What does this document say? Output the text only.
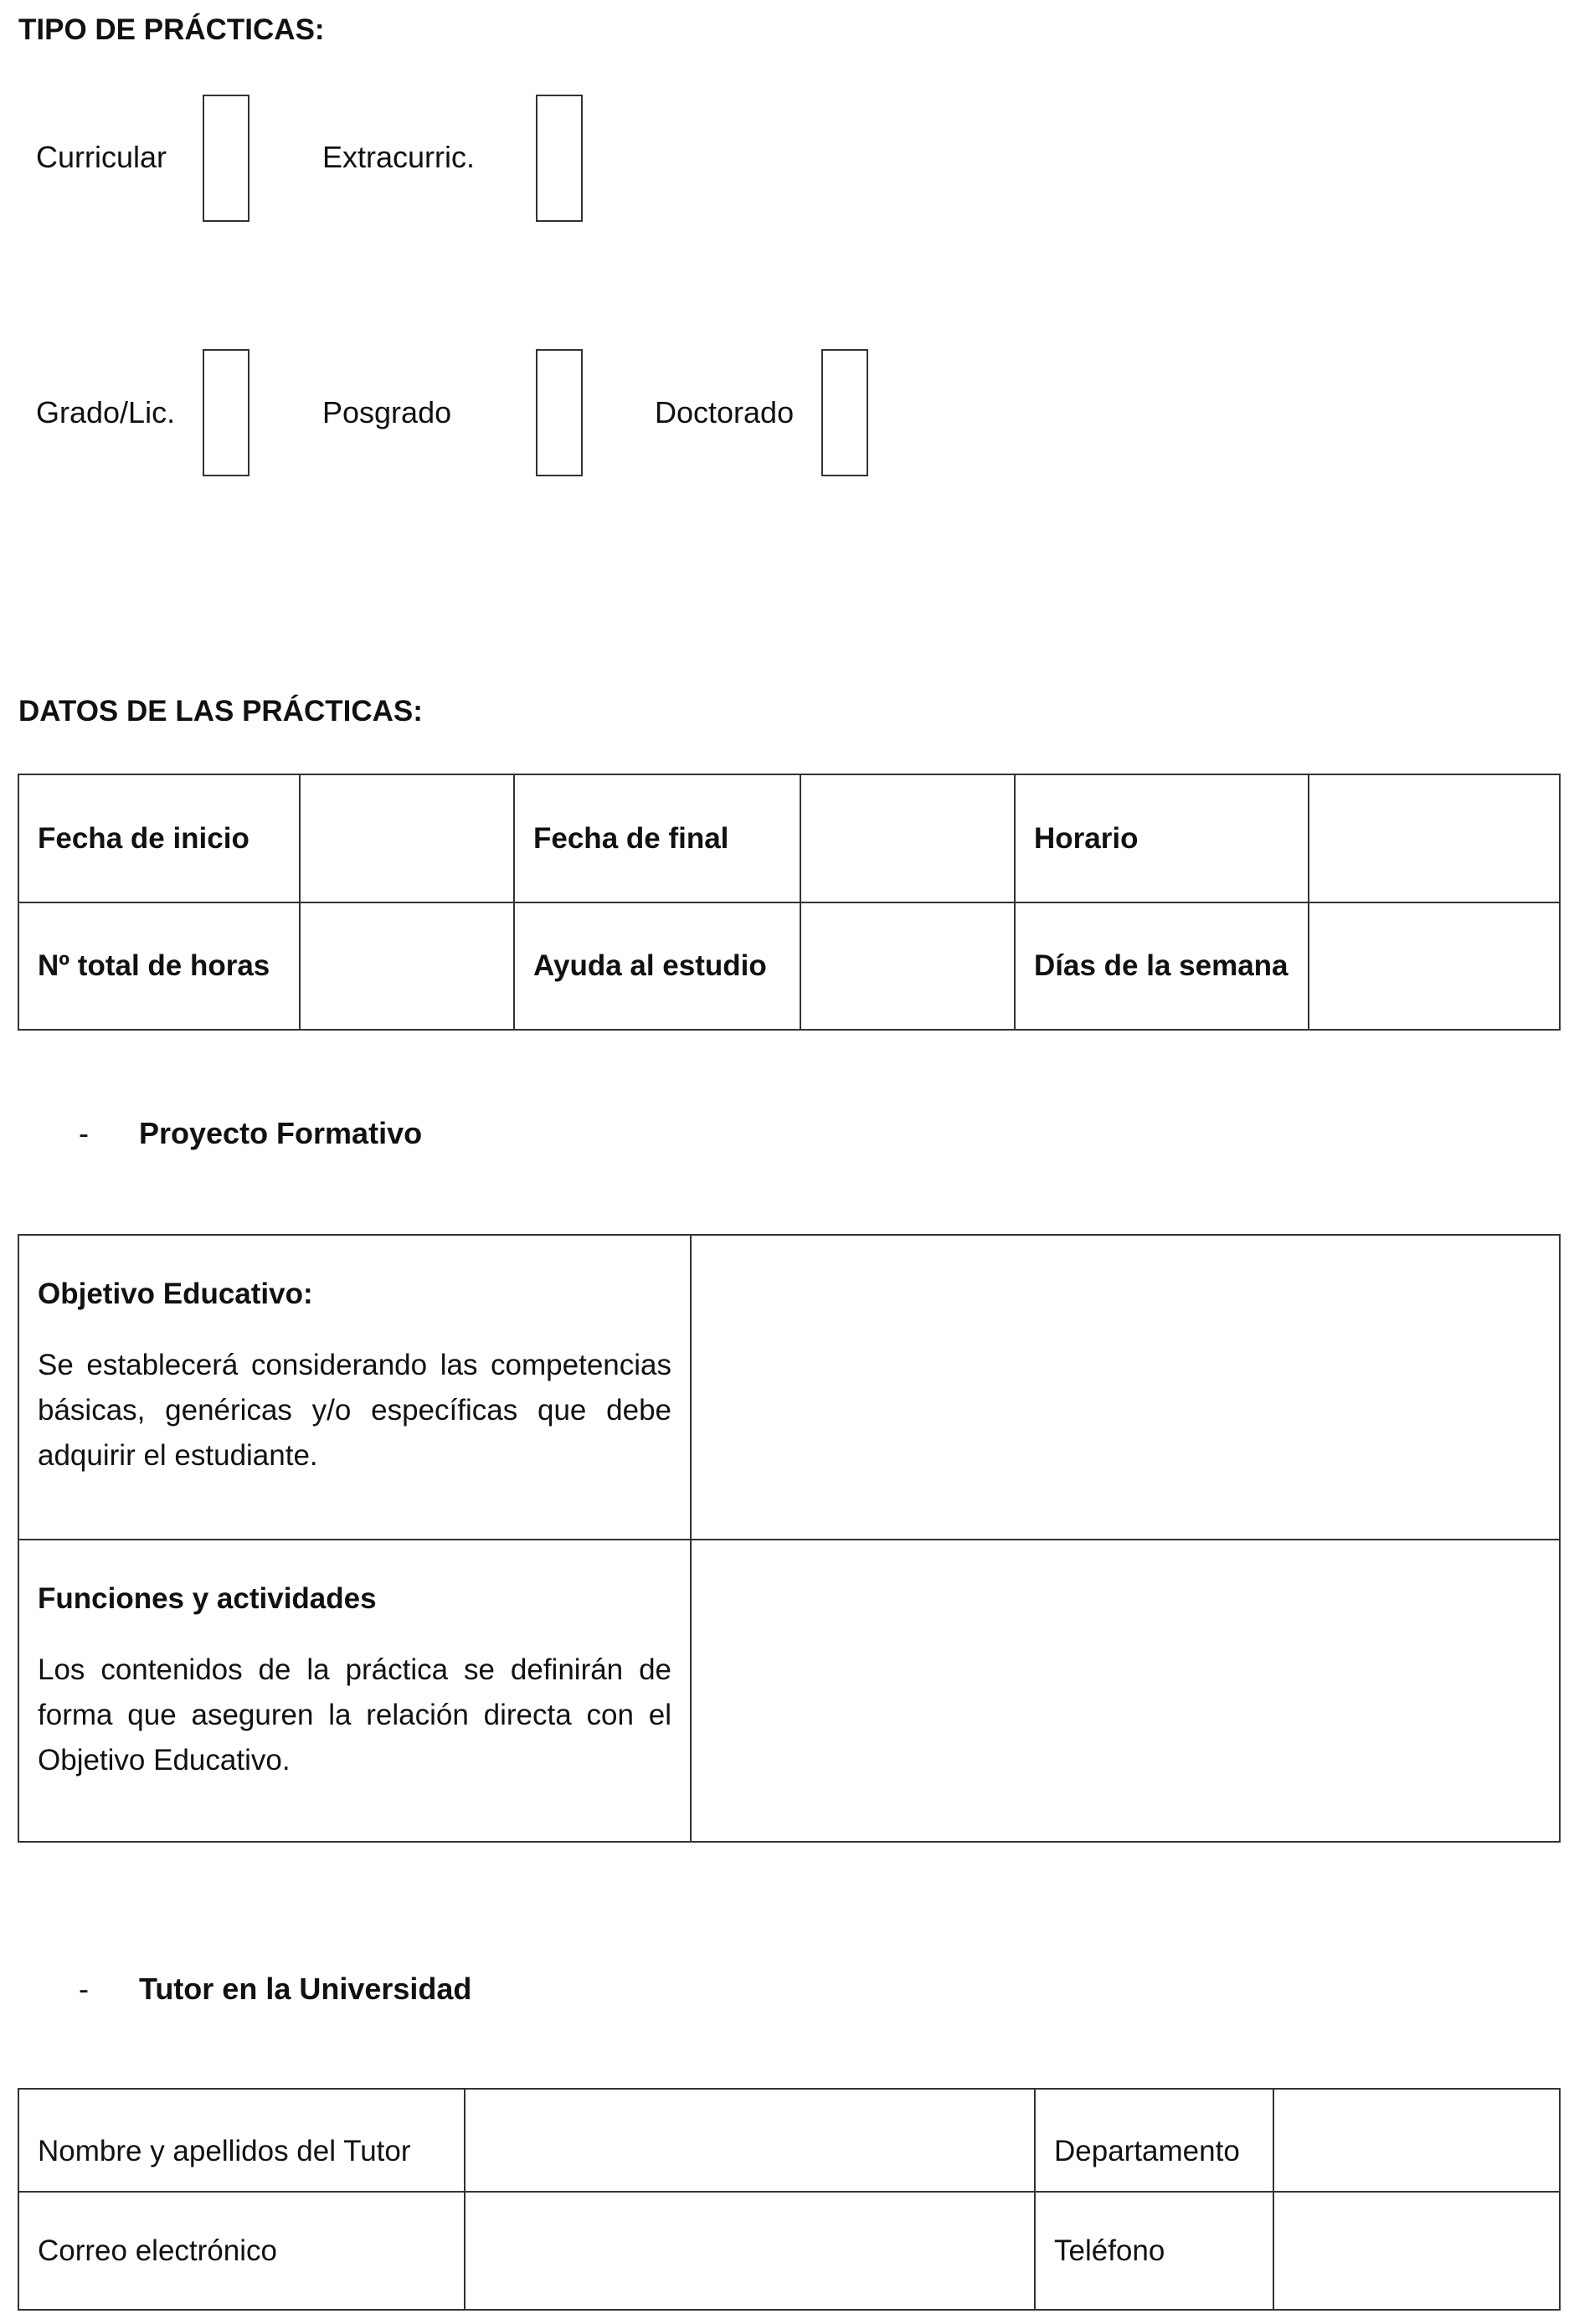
TIPO DE PRÁCTICAS:
Curricular	Extracurric.
Grado/Lic.	Posgrado	Doctorado
DATOS DE LAS PRÁCTICAS:
Fecha de inicio	Fecha de final	Horario
Nº total de horas	Ayuda al estudio	Días de la semana
- Proyecto Formativo
Objetivo Educativo:
Se establecerá considerando las competencias básicas, genéricas y/o específicas que debe adquirir el estudiante.
Funciones y actividades
Los contenidos de la práctica se definirán de forma que aseguren la relación directa con el Objetivo Educativo.
- Tutor en la Universidad
Nombre y apellidos del Tutor	Departamento
Correo electrónico	Teléfono
